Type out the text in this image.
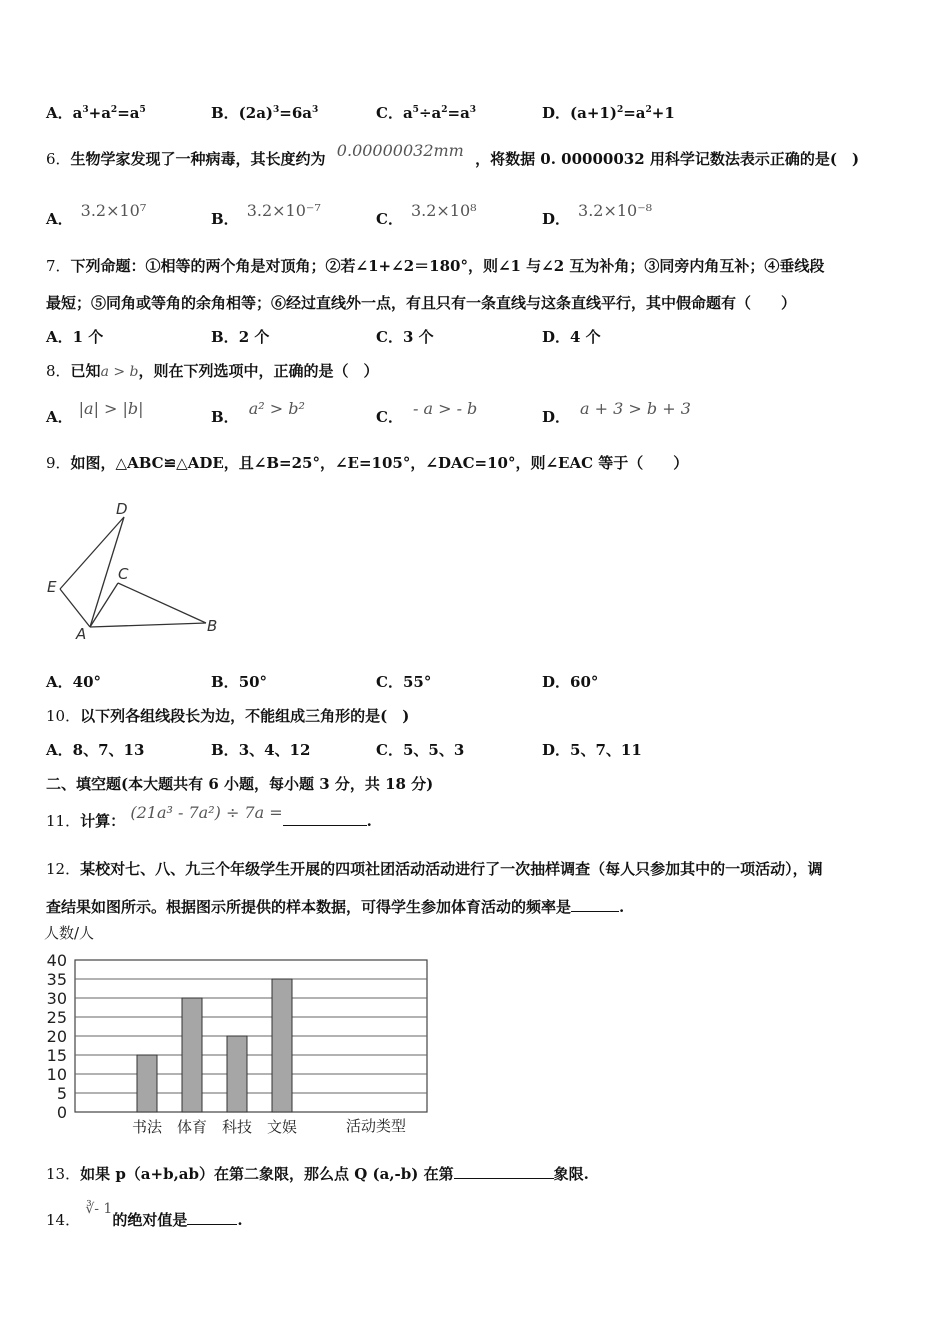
A．$a^3+a^2=a^5$	B．$(2a)^3=6a^3$	C．$a^5\div a^2=a^3$	D．$(a+1)^2=a^2+1$
6．生物学家发现了一种病毒，其长度约为 0.00000032mm ，将数据 0. 00000032 用科学记数法表示正确的是(　)
A． 3.2×10⁷	B． 3.2×10⁻⁷	C． 3.2×10⁸	D． 3.2×10⁻⁸
7．下列命题：①相等的两个角是对顶角；②若∠1+∠2＝180°，则∠1 与∠2 互为补角；③同旁内角互补；④垂线段
最短；⑤同角或等角的余角相等；⑥经过直线外一点，有且只有一条直线与这条直线平行，其中假命题有（　　）
A．1 个	B．2 个	C．3 个	D．4 个
8．已知a > b，则在下列选项中，正确的是（　）
A． |a| > |b|	B． a² > b²	C． - a > - b	D． a + 3 > b + 3
9．如图，△ABC≌△ADE，且∠B=25°，∠E=105°，∠DAC=10°，则∠EAC 等于（　　）
D
E
C
A	B
A．40°	B．50°	C．55°	D．60°
10．以下列各组线段长为边，不能组成三角形的是(　)
A．8、7、13	B．3、4、12	C．5、5、3	D．5、7、11
二、填空题(本大题共有 6 小题，每小题 3 分，共 18 分)
11．计算： (21a³ - 7a²) ÷ 7a =	.
12．某校对七、八、九三个年级学生开展的四项社团活动活动进行了一次抽样调查（每人只参加其中的一项活动），调
查结果如图所示。根据图示所提供的样本数据，可得学生参加体育活动的频率是	.
人数/人
活动类型
0
5
10
15
20
25
30
35
40
书法 体育 科技 文娱
13．如果 p（a+b,ab）在第二象限，那么点 Q (a,-b) 在第	象限.
14． ∛- 1的绝对值是	.
